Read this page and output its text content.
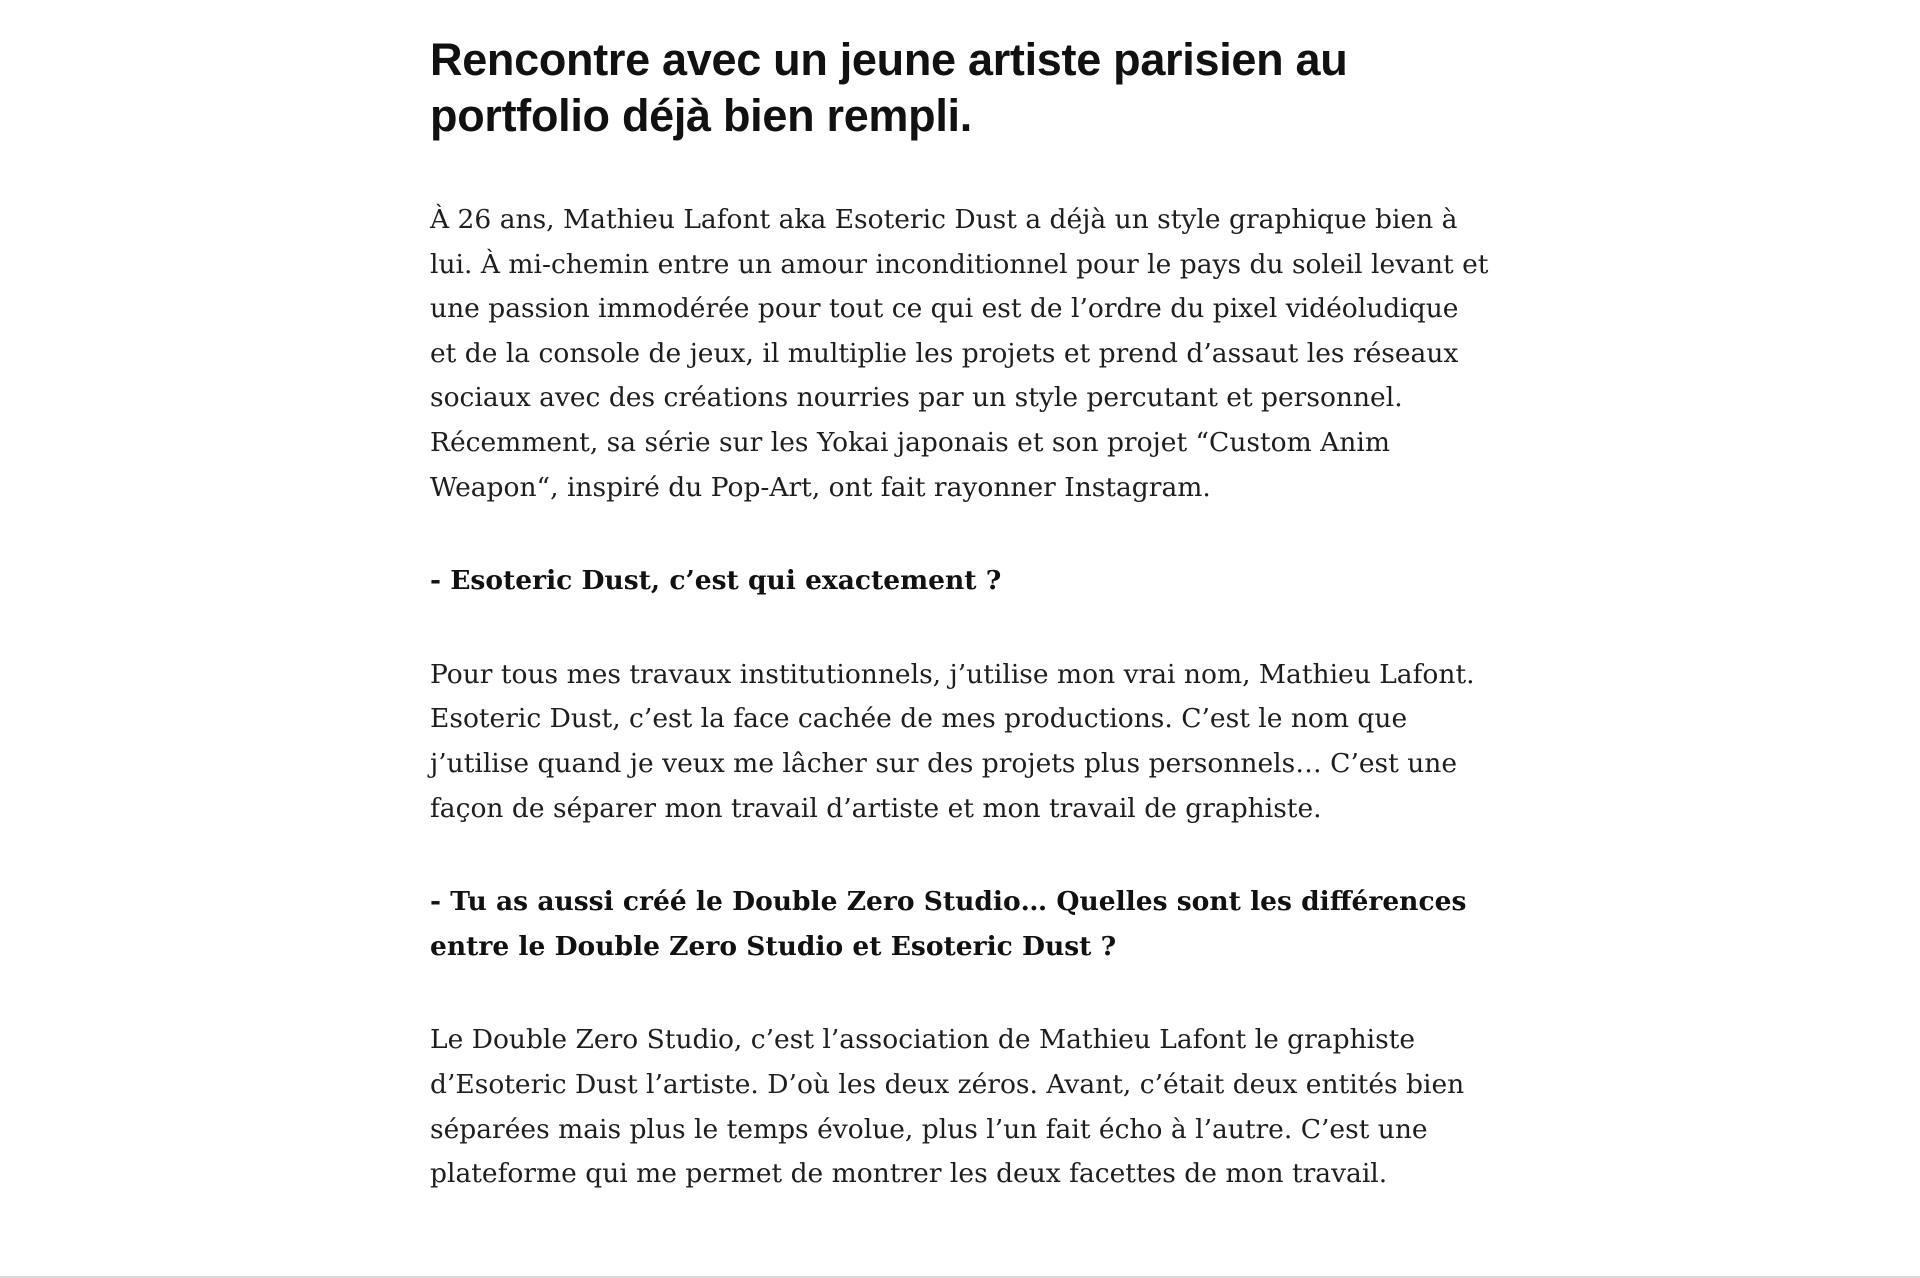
Rencontre avec un jeune artiste parisien au portfolio déjà bien rempli.

À 26 ans, Mathieu Lafont aka Esoteric Dust a déjà un style graphique bien à lui. À mi-chemin entre un amour inconditionnel pour le pays du soleil levant et une passion immodérée pour tout ce qui est de l’ordre du pixel vidéoludique et de la console de jeux, il multiplie les projets et prend d’assaut les réseaux sociaux avec des créations nourries par un style percutant et personnel. Récemment, sa série sur les Yokai japonais et son projet “Custom Anim Weapon“, inspiré du Pop-Art, ont fait rayonner Instagram.

- Esoteric Dust, c’est qui exactement ?

Pour tous mes travaux institutionnels, j’utilise mon vrai nom, Mathieu Lafont. Esoteric Dust, c’est la face cachée de mes productions. C’est le nom que j’utilise quand je veux me lâcher sur des projets plus personnels… C’est une façon de séparer mon travail d’artiste et mon travail de graphiste.

- Tu as aussi créé le Double Zero Studio… Quelles sont les différences entre le Double Zero Studio et Esoteric Dust ?

Le Double Zero Studio, c’est l’association de Mathieu Lafont le graphiste d’Esoteric Dust l’artiste. D’où les deux zéros. Avant, c’était deux entités bien séparées mais plus le temps évolue, plus l’un fait écho à l’autre. C’est une plateforme qui me permet de montrer les deux facettes de mon travail.
